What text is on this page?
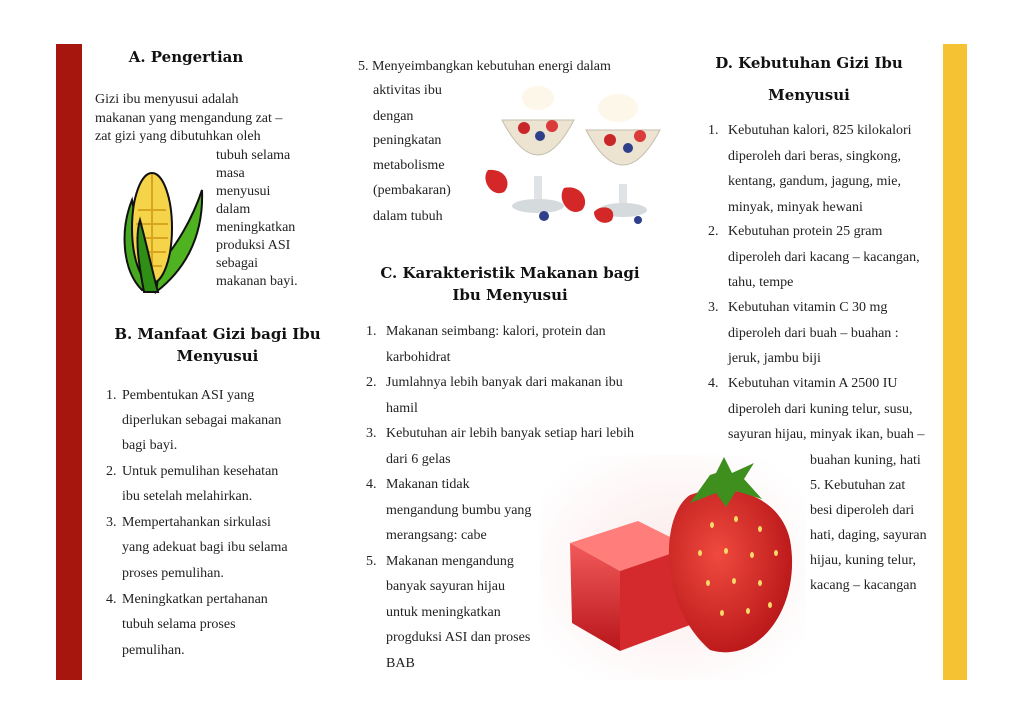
A. Pengertian
Gizi ibu menyusui adalah
makanan yang mengandung zat –
zat gizi yang dibutuhkan oleh
tubuh selama
masa
menyusui
dalam
meningkatkan
produksi ASI
sebagai
makanan bayi.
B. Manfaat Gizi bagi Ibu
Menyusui
1. Pembentukan ASI yang
diperlukan sebagai makanan
bagi bayi.
2. Untuk pemulihan kesehatan
ibu setelah melahirkan.
3. Mempertahankan sirkulasi
yang adekuat bagi ibu selama
proses pemulihan.
4. Meningkatkan pertahanan
tubuh selama proses
pemulihan.
5. Menyeimbangkan kebutuhan energi dalam
aktivitas ibu
dengan
peningkatan
metabolisme
(pembakaran)
dalam tubuh
C. Karakteristik Makanan bagi
Ibu Menyusui
1. Makanan seimbang: kalori, protein dan
karbohidrat
2. Jumlahnya lebih banyak dari makanan ibu
hamil
3. Kebutuhan air lebih banyak setiap hari lebih
dari 6 gelas
4. Makanan tidak
mengandung bumbu yang
merangsang: cabe
5. Makanan mengandung
banyak sayuran hijau
untuk meningkatkan
progduksi ASI dan proses
BAB
D. Kebutuhan Gizi Ibu
Menyusui
1. Kebutuhan kalori, 825 kilokalori
diperoleh dari beras, singkong,
kentang, gandum, jagung, mie,
minyak, minyak hewani
2. Kebutuhan protein 25 gram
diperoleh dari kacang – kacangan,
tahu, tempe
3. Kebutuhan vitamin C 30 mg
diperoleh dari buah – buahan :
jeruk, jambu biji
4. Kebutuhan vitamin A 2500 IU
diperoleh dari kuning telur, susu,
sayuran hijau, minyak ikan, buah –
buahan kuning, hati
5. Kebutuhan zat
besi diperoleh dari
hati, daging, sayuran
hijau, kuning telur,
kacang – kacangan
